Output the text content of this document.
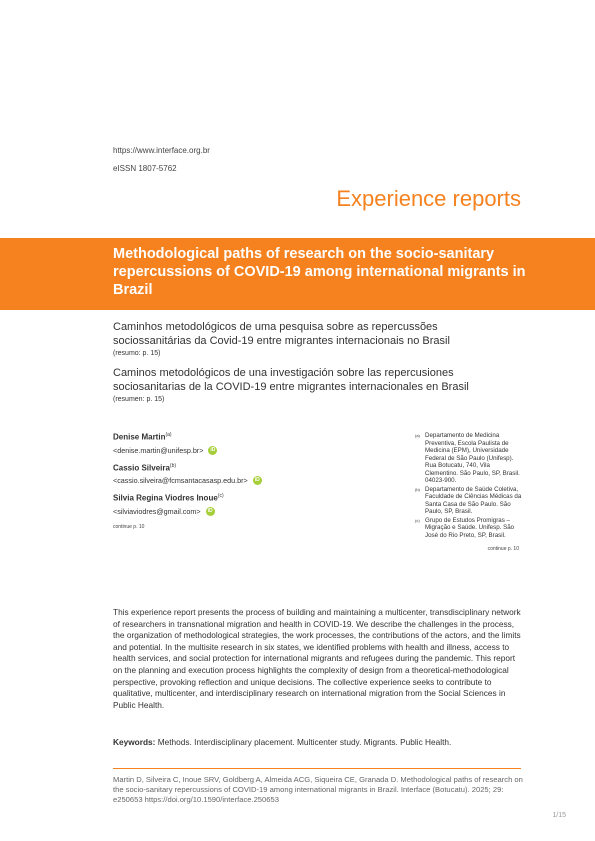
https://www.interface.org.br
eISSN 1807-5762
Experience reports
Methodological paths of research on the socio-sanitary repercussions of COVID-19 among international migrants in Brazil
Caminhos metodológicos de uma pesquisa sobre as repercussões sociossanitárias da Covid-19 entre migrantes internacionais no Brasil
(resumo: p. 15)
Caminos metodológicos de una investigación sobre las repercusiones sociosanitarias de la COVID-19 entre migrantes internacionales en Brasil
(resumen: p. 15)
Denise Martin$^{(a)}$
<denise.martin@unifesp.br>	iD
Cassio Silveira$^{(b)}$
<cassio.silveira@fcmsantacasasp.edu.br>	iD
Silvia Regina Viodres Inoue$^{(c)}$
<silviaviodres@gmail.com>	iD
continue p. 10
(a) Departamento de Medicina Preventiva, Escola Paulista de Medicina (EPM), Universidade Federal de São Paulo (Unifesp). Rua Botucatu, 740, Vila Clementino. São Paulo, SP, Brasil. 04023-900.
(b) Departamento de Saúde Coletiva, Faculdade de Ciências Médicas da Santa Casa de São Paulo. São Paulo, SP, Brasil.
(c) Grupo de Estudos Promigras – Migração e Saúde. Unifesp. São José do Rio Preto, SP, Brasil.
continue p. 10
This experience report presents the process of building and maintaining a multicenter, transdisciplinary network of researchers in transnational migration and health in COVID-19. We describe the challenges in the process, the organization of methodological strategies, the work processes, the contributions of the actors, and the limits and potential. In the multisite research in six states, we identified problems with health and illness, access to health services, and social protection for international migrants and refugees during the pandemic. This report on the planning and execution process highlights the complexity of design from a theoretical-methodological perspective, provoking reflection and unique decisions. The collective experience seeks to contribute to qualitative, multicenter, and interdisciplinary research on international migration from the Social Sciences in Public Health.
Keywords: Methods. Interdisciplinary placement. Multicenter study. Migrants. Public Health.
Martin D, Silveira C, Inoue SRV, Goldberg A, Almeida ACG, Siqueira CE, Granada D. Methodological paths of research on the socio-sanitary repercussions of COVID-19 among international migrants in Brazil. Interface (Botucatu). 2025; 29: e250653 https://doi.org/10.1590/interface.250653
1/15
